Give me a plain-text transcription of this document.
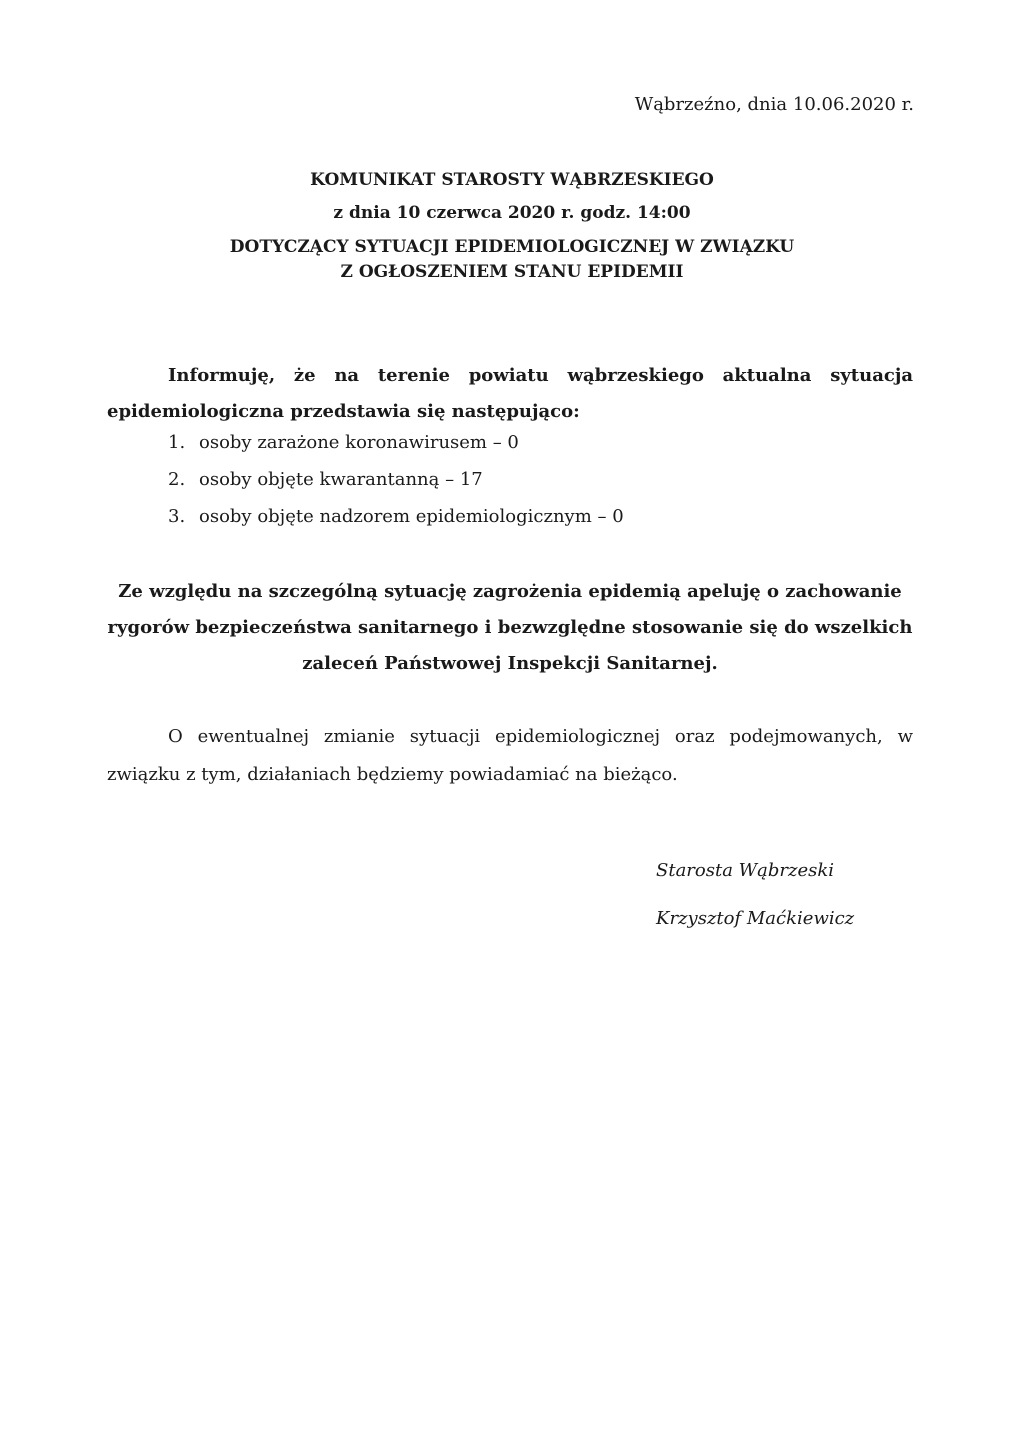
Wąbrzeźno, dnia 10.06.2020 r.
KOMUNIKAT STAROSTY WĄBRZESKIEGO
z dnia 10 czerwca 2020 r. godz. 14:00
DOTYCZĄCY SYTUACJI EPIDEMIOLOGICZNEJ W ZWIĄZKU
Z OGŁOSZENIEM STANU EPIDEMII
Informuję, że na terenie powiatu wąbrzeskiego aktualna sytuacja epidemiologiczna przedstawia się następująco:
1. osoby zarażone koronawirusem – 0
2. osoby objęte kwarantanną – 17
3. osoby objęte nadzorem epidemiologicznym – 0
Ze względu na szczególną sytuację zagrożenia epidemią apeluję o zachowanie
rygorów bezpieczeństwa sanitarnego i bezwzględne stosowanie się do wszelkich
zaleceń Państwowej Inspekcji Sanitarnej.
O ewentualnej zmianie sytuacji epidemiologicznej oraz podejmowanych, w związku z tym, działaniach będziemy powiadamiać na bieżąco.
Starosta Wąbrzeski
Krzysztof Maćkiewicz
